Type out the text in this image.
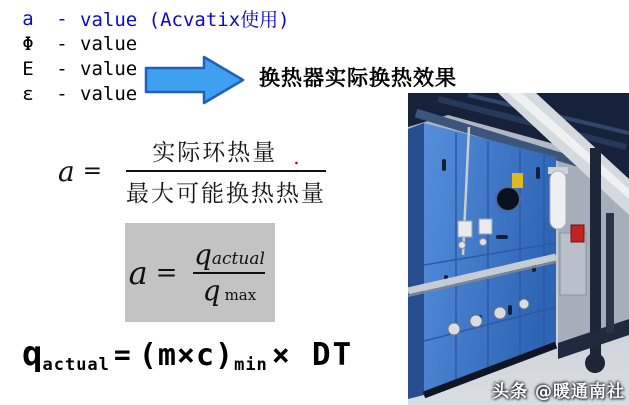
a	- value (Acvatix使用)
Φ	- value
E	- value
ε	- value
换热器实际换热效果
$a = \frac{\text{实际环热量 .}}{\text{最大可能换热热量}}$
$a = \frac{\text{qactual}}{\text{q max}}$
q actual = (m×c) min × DT
头条 @暖通南社
